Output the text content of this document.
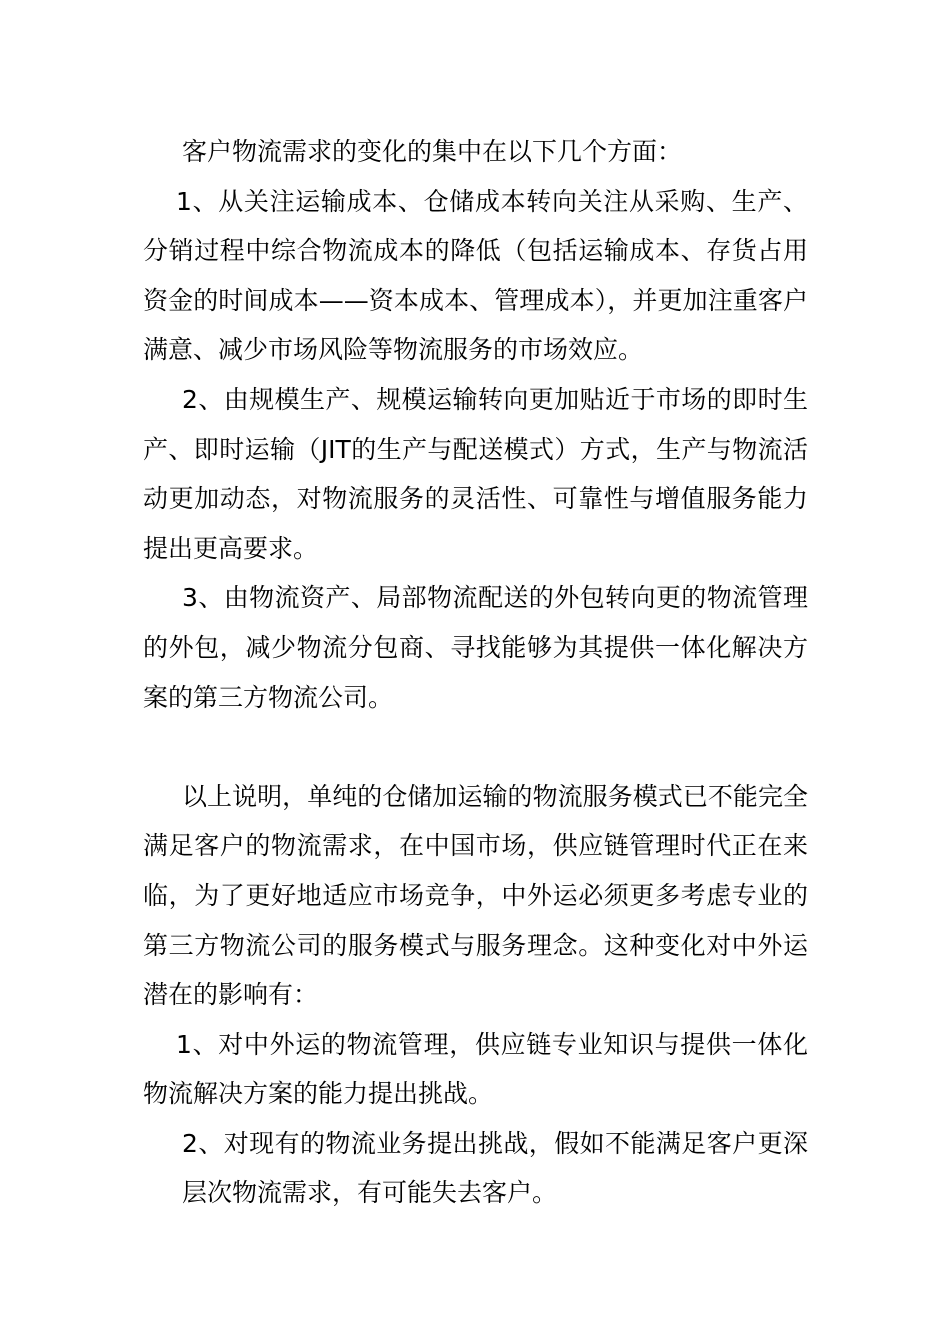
客户物流需求的变化的集中在以下几个方面：

1、从关注运输成本、仓储成本转向关注从采购、生产、分销过程中综合物流成本的降低（包括运输成本、存货占用资金的时间成本——资本成本、管理成本），并更加注重客户满意、减少市场风险等物流服务的市场效应。

2、由规模生产、规模运输转向更加贴近于市场的即时生产、即时运输（JIT的生产与配送模式）方式，生产与物流活动更加动态，对物流服务的灵活性、可靠性与增值服务能力提出更高要求。

3、由物流资产、局部物流配送的外包转向更的物流管理的外包，减少物流分包商、寻找能够为其提供一体化解决方案的第三方物流公司。

以上说明，单纯的仓储加运输的物流服务模式已不能完全满足客户的物流需求，在中国市场，供应链管理时代正在来临，为了更好地适应市场竞争，中外运必须更多考虑专业的第三方物流公司的服务模式与服务理念。这种变化对中外运潜在的影响有：

1、对中外运的物流管理，供应链专业知识与提供一体化物流解决方案的能力提出挑战。

2、对现有的物流业务提出挑战，假如不能满足客户更深层次物流需求，有可能失去客户。
